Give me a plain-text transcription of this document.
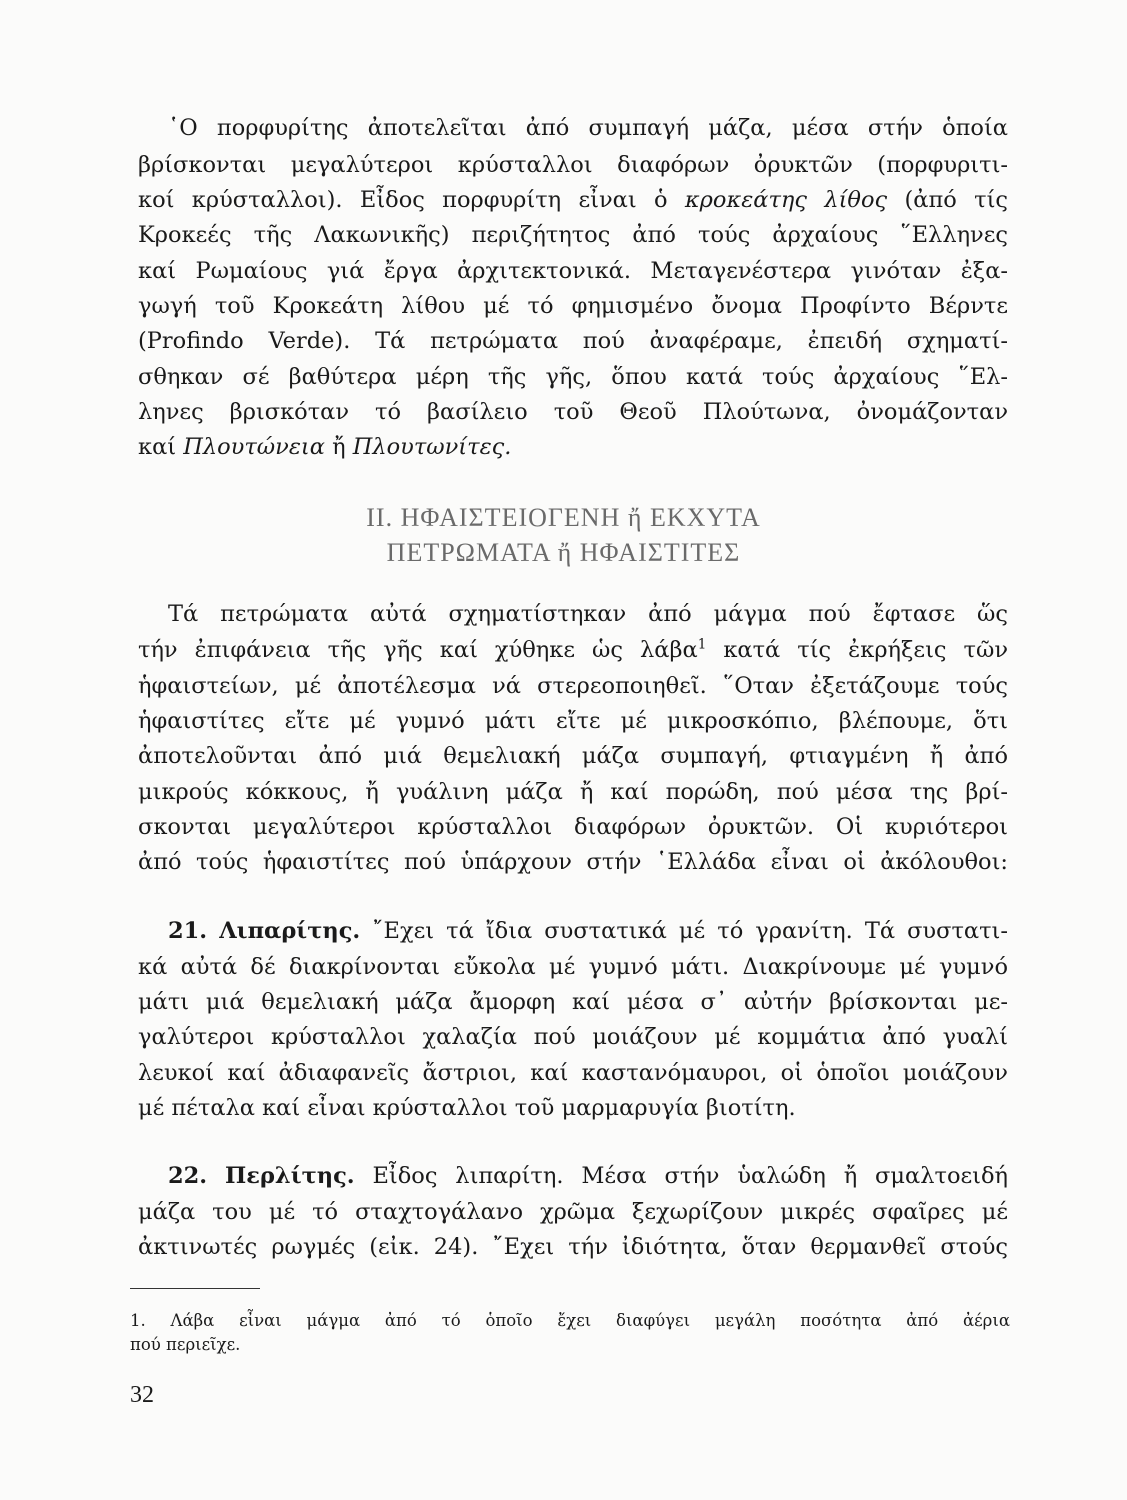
῾Ο πορφυρίτης ἀποτελεῖται ἀπό συμπαγή μάζα, μέσα στήν ὁποία

βρίσκονται μεγαλύτεροι κρύσταλλοι διαφόρων ὀρυκτῶν (πορφυριτι-

κοί κρύσταλλοι). Εἶδος πορφυρίτη εἶναι ὁ κροκεάτης λίθος (ἀπό τίς

Κροκεές τῆς Λακωνικῆς) περιζήτητος ἀπό τούς ἀρχαίους ῞Ελληνες

καί Ρωμαίους γιά ἔργα ἀρχιτεκτονικά. Μεταγενέστερα γινόταν ἐξα-

γωγή τοῦ Κροκεάτη λίθου μέ τό φημισμένο ὄνομα Προφίντο Βέρντε

(Profindo Verde). Τά πετρώματα πού ἀναφέραμε, ἐπειδή σχηματί-

σθηκαν σέ βαθύτερα μέρη τῆς γῆς, ὅπου κατά τούς ἀρχαίους ῞Ελ-

ληνες βρισκόταν τό βασίλειο τοῦ Θεοῦ Πλούτωνα, ὀνομάζονταν

καί Πλουτώνεια ἤ Πλουτωνίτες.

II. ΗΦΑΙΣΤΕΙΟΓΕΝΗ ἤ ΕΚΧΥΤΑ

ΠΕΤΡΩΜΑΤΑ ἤ ΗΦΑΙΣΤΙΤΕΣ

Τά πετρώματα αὐτά σχηματίστηκαν ἀπό μάγμα πού ἔφτασε ὥς

τήν ἐπιφάνεια τῆς γῆς καί χύθηκε ὡς λάβα$^1$ κατά τίς ἐκρήξεις τῶν

ἡφαιστείων, μέ ἀποτέλεσμα νά στερεοποιηθεῖ. ῞Οταν ἐξετάζουμε τούς

ἡφαιστίτες εἴτε μέ γυμνό μάτι εἴτε μέ μικροσκόπιο, βλέπουμε, ὅτι

ἀποτελοῦνται ἀπό μιά θεμελιακή μάζα συμπαγή, φτιαγμένη ἤ ἀπό

μικρούς κόκκους, ἤ γυάλινη μάζα ἤ καί πορώδη, πού μέσα της βρί-

σκονται μεγαλύτεροι κρύσταλλοι διαφόρων ὀρυκτῶν. Οἱ κυριότεροι

ἀπό τούς ἡφαιστίτες πού ὑπάρχουν στήν ῾Ελλάδα εἶναι οἱ ἀκόλουθοι:

21. Λιπαρίτης. ῎Εχει τά ἴδια συστατικά μέ τό γρανίτη. Τά συστατι-

κά αὐτά δέ διακρίνονται εὔκολα μέ γυμνό μάτι. Διακρίνουμε μέ γυμνό

μάτι μιά θεμελιακή μάζα ἄμορφη καί μέσα σ᾽ αὐτήν βρίσκονται με-

γαλύτεροι κρύσταλλοι χαλαζία πού μοιάζουν μέ κομμάτια ἀπό γυαλί

λευκοί καί ἀδιαφανεῖς ἄστριοι, καί καστανόμαυροι, οἱ ὁποῖοι μοιάζουν

μέ πέταλα καί εἶναι κρύσταλλοι τοῦ μαρμαρυγία βιοτίτη.

22. Περλίτης. Εἶδος λιπαρίτη. Μέσα στήν ὑαλώδη ἤ σμαλτοειδή

μάζα του μέ τό σταχτογάλανο χρῶμα ξεχωρίζουν μικρές σφαῖρες μέ

ἀκτινωτές ρωγμές (εἰκ. 24). ῎Εχει τήν ἰδιότητα, ὅταν θερμανθεῖ στούς

1. Λάβα εἶναι μάγμα ἀπό τό ὁποῖο ἔχει διαφύγει μεγάλη ποσότητα ἀπό ἀέρια

πού περιεῖχε.

32
